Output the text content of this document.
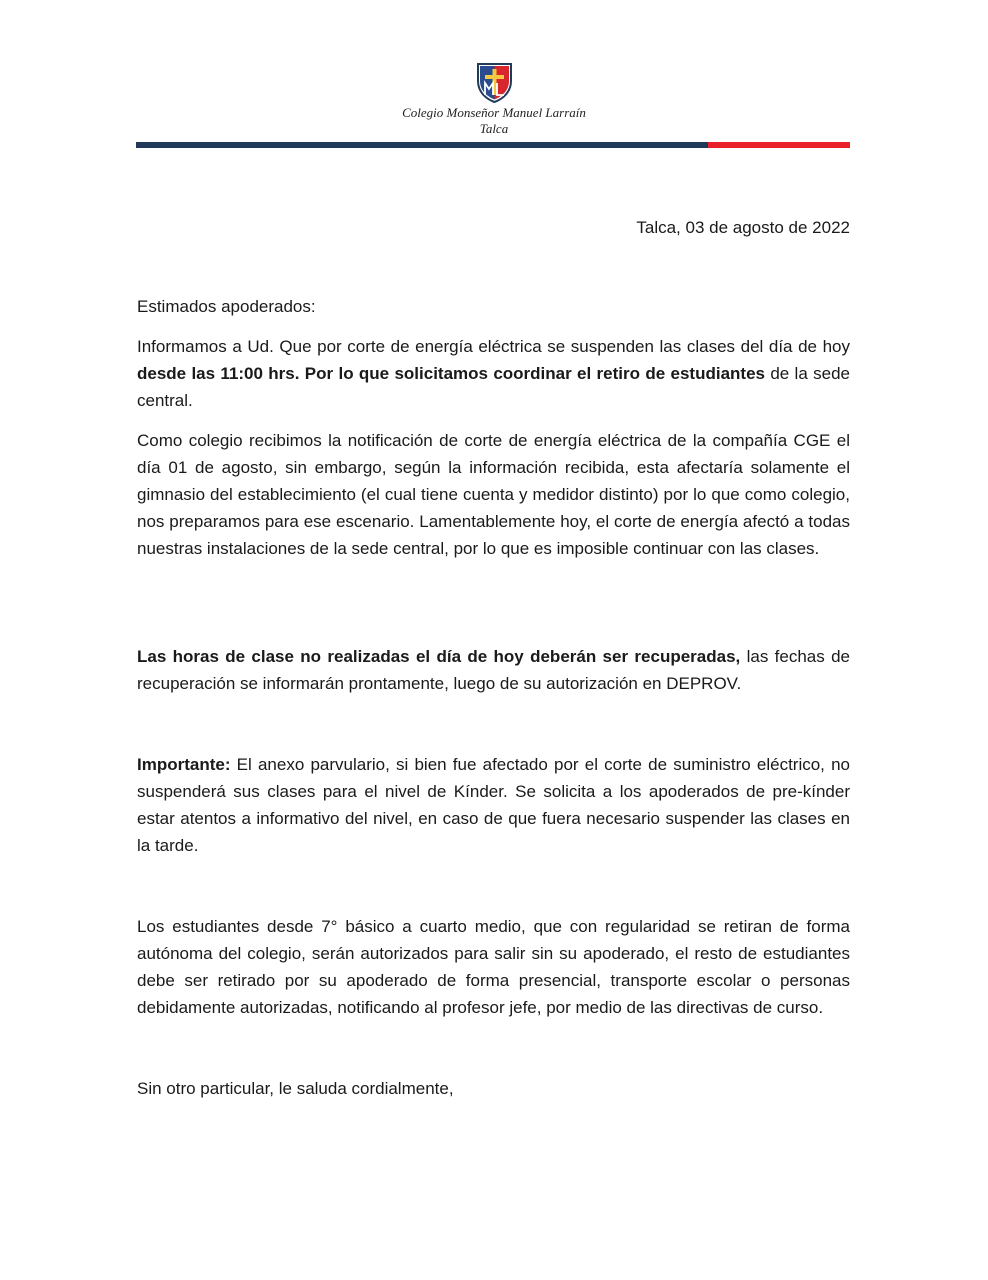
Colegio Monseñor Manuel Larraín
Talca
Talca, 03 de agosto de 2022

Estimados apoderados:

Informamos a Ud. Que por corte de energía eléctrica se suspenden las clases del día de hoy desde las 11:00 hrs. Por lo que solicitamos coordinar el retiro de estudiantes de la sede central.

Como colegio recibimos la notificación de corte de energía eléctrica de la compañía CGE el día 01 de agosto, sin embargo, según la información recibida, esta afectaría solamente el gimnasio del establecimiento (el cual tiene cuenta y medidor distinto) por lo que como colegio, nos preparamos para ese escenario. Lamentablemente hoy, el corte de energía afectó a todas nuestras instalaciones de la sede central, por lo que es imposible continuar con las clases.

Las horas de clase no realizadas el día de hoy deberán ser recuperadas, las fechas de recuperación se informarán prontamente, luego de su autorización en DEPROV.

Importante: El anexo parvulario, si bien fue afectado por el corte de suministro eléctrico, no suspenderá sus clases para el nivel de Kínder. Se solicita a los apoderados de pre-kínder estar atentos a informativo del nivel, en caso de que fuera necesario suspender las clases en la tarde.

Los estudiantes desde 7° básico a cuarto medio, que con regularidad se retiran de forma autónoma del colegio, serán autorizados para salir sin su apoderado, el resto de estudiantes debe ser retirado por su apoderado de forma presencial, transporte escolar o personas debidamente autorizadas, notificando al profesor jefe, por medio de las directivas de curso.

Sin otro particular, le saluda cordialmente,
